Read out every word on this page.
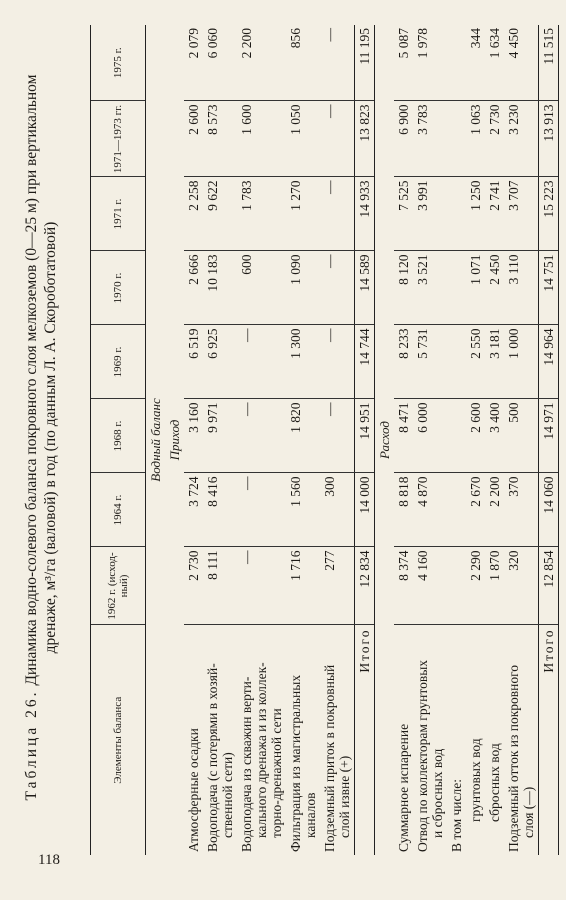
118
Таблица 26. Динамика водно-солевого баланса покровного слоя мелкоземов (0—25 м) при вертикальном дренаже, м³/га (валовой) в год (по данным Л. А. Скороботатовой)
Элементы баланса	1962 г. (исход-ный)	1964 г.	1968 г.	1969 г.	1970 г.	1971 г.	1971—1973 гг.	1975 г.
Водный баланс								
Приход								

Атмосферные осадки	2 730	3 724	3 160	6 519	2 666	2 258	2 600	2 079

Водоподача (с потерями в хозяй- ственной сети)	8 111	8 416	9 971	6 925	10 183	9 622	8 573	6 060

Водоподача из скважин верти- кального дренажа и из коллек- торно-дренажной сети	—	—	—	—	600	1 783	1 600	2 200

Фильтрация из магистральных каналов	1 716	1 560	1 820	1 300	1 090	1 270	1 050	856

Подземный приток в покровный слой извне (+)	277	300	—	—	—	—	—	—
Итого	12 834	14 000	14 951	14 744	14 589	14 933	13 823	11 195
Расход								

Суммарное испарение	8 374	8 818	8 471	8 233	8 120	7 525	6 900	5 087

Отвод по коллекторам грунтовых и сбросных вод	4 160	4 870	6 000	5 731	3 521	3 991	3 783	1 978

В том числе:								

грунтовых вод	2 290	2 670	2 600	2 550	1 071	1 250	1 063	344

сбросных вод	1 870	2 200	3 400	3 181	2 450	2 741	2 730	1 634

Подземный отток из покровного слоя (—)	320	370	500	1 000	3 110	3 707	3 230	4 450
Итого	12 854	14 060	14 971	14 964	14 751	15 223	13 913	11 515
